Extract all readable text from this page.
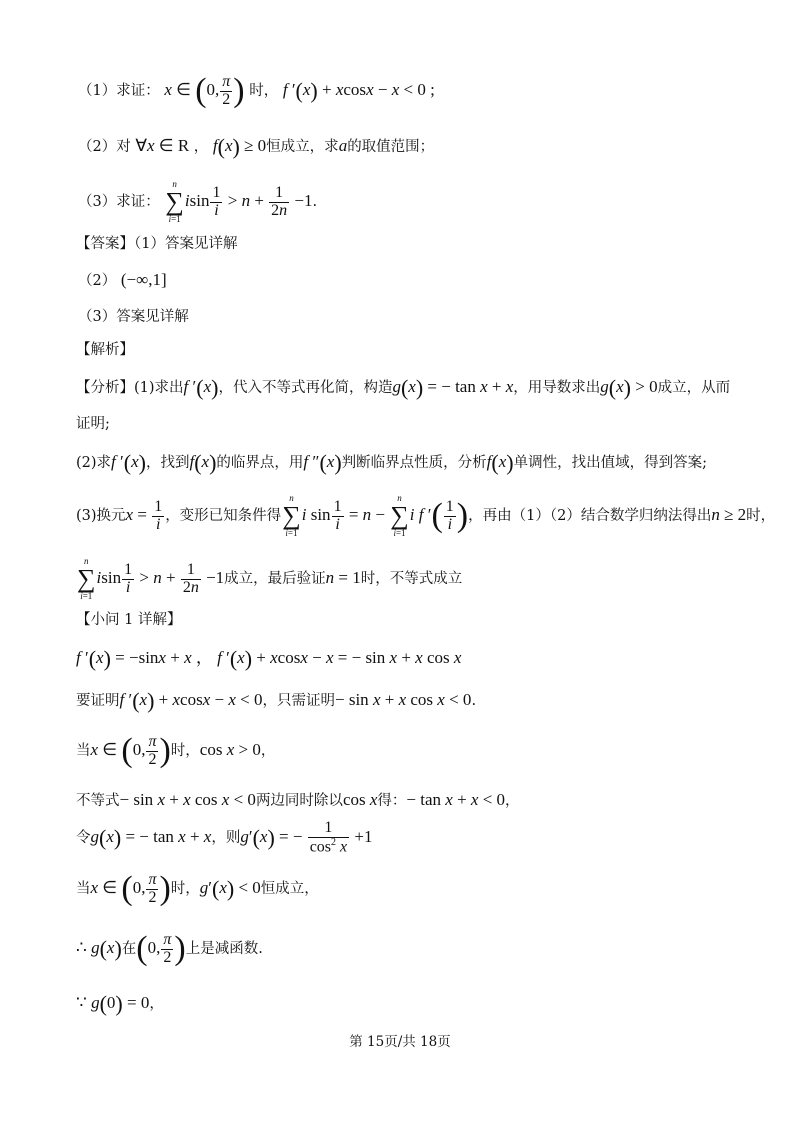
（1）求证： x ∈ (0, $\frac{\pi}{2}$ ) 时， f ′(x) + xcosx − x < 0 ;
（2）对 ∀x ∈ R ， f(x) ≥ 0恒成立，求a的取值范围；
（3）求证：
n
∑
i=1
isin $\frac{1}{i} > n + \frac{1}{2n} -1$.
【答案】（1）答案见详解
（2） (−∞,1]
（3）答案见详解
【解析】
【分析】(1)求出f ′(x)，代入不等式再化简，构造g(x) = − tan x + x，用导数求出g(x) > 0成立，从而
证明;
(2)求f ′(x)，找到f(x)的临界点，用f ″(x)判断临界点性质，分析f(x)单调性，找出值域，得到答案;
(3)换元$x = \frac{1}{i}$ ，变形已知条件得
n
∑
i=1
i $\sin \frac{1}{i} = n$ −
n
∑
i=1
i f ′( $\frac{1}{i}$ )，再由（1）（2）结合数学归纳法得出n ≥ 2时，
n
∑
i=1
isin $\frac{1}{i} > n + \frac{1}{2n} -1$成立，最后验证n = 1时，不等式成立
【小问 1 详解】
f ′(x) = −sinx + x ， f ′(x) + xcosx − x = − sin x + x cos x
要证明f ′(x) + xcosx − x < 0，只需证明− sin x + x cos x < 0.
当x ∈ (0, $\frac{\pi}{2}$ )时，cos x > 0，
不等式− sin x + x cos x < 0两边同时除以cos x得：− tan x + x < 0，
令g(x) = − tan x + x，则g′(x) = − $\frac{1}{\cos^2 x} +1$
当x ∈ (0, $\frac{\pi}{2}$ )时，g′(x) < 0恒成立，
∴ g(x)在(0, $\frac{\pi}{2}$ )上是减函数.
∵ g(0) = 0，
第 15页/共 18页
